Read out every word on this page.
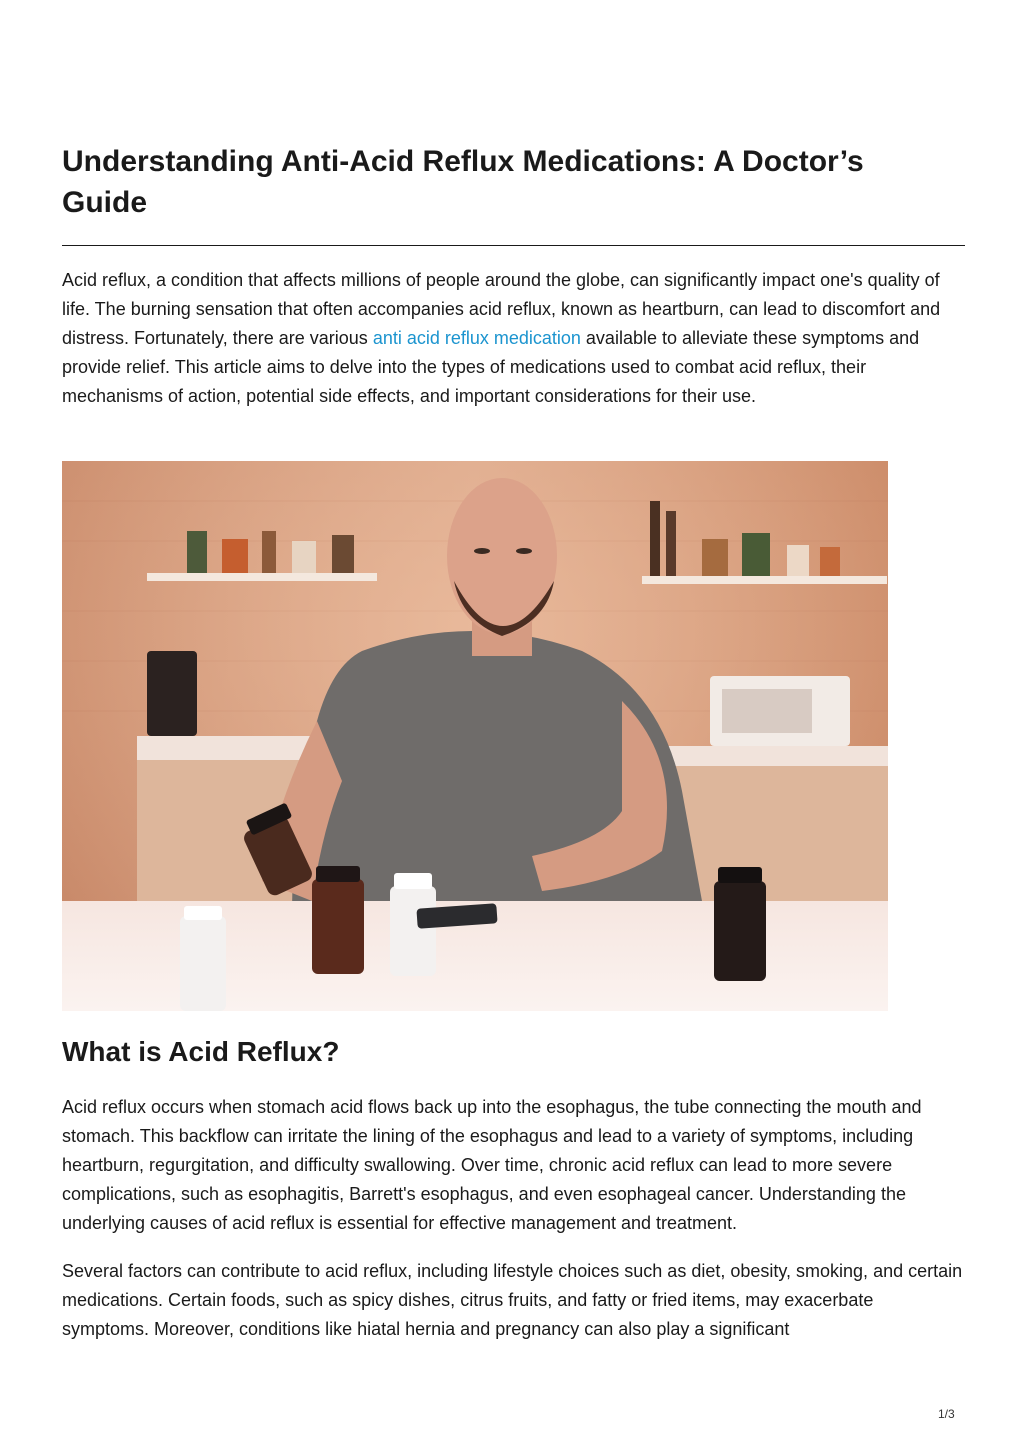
Understanding Anti-Acid Reflux Medications: A Doctor’s Guide

Acid reflux, a condition that affects millions of people around the globe, can significantly impact one's quality of life. The burning sensation that often accompanies acid reflux, known as heartburn, can lead to discomfort and distress. Fortunately, there are various anti acid reflux medication available to alleviate these symptoms and provide relief. This article aims to delve into the types of medications used to combat acid reflux, their mechanisms of action, potential side effects, and important considerations for their use.

What is Acid Reflux?

Acid reflux occurs when stomach acid flows back up into the esophagus, the tube connecting the mouth and stomach. This backflow can irritate the lining of the esophagus and lead to a variety of symptoms, including heartburn, regurgitation, and difficulty swallowing. Over time, chronic acid reflux can lead to more severe complications, such as esophagitis, Barrett's esophagus, and even esophageal cancer. Understanding the underlying causes of acid reflux is essential for effective management and treatment.

Several factors can contribute to acid reflux, including lifestyle choices such as diet, obesity, smoking, and certain medications. Certain foods, such as spicy dishes, citrus fruits, and fatty or fried items, may exacerbate symptoms. Moreover, conditions like hiatal hernia and pregnancy can also play a significant

1/3
